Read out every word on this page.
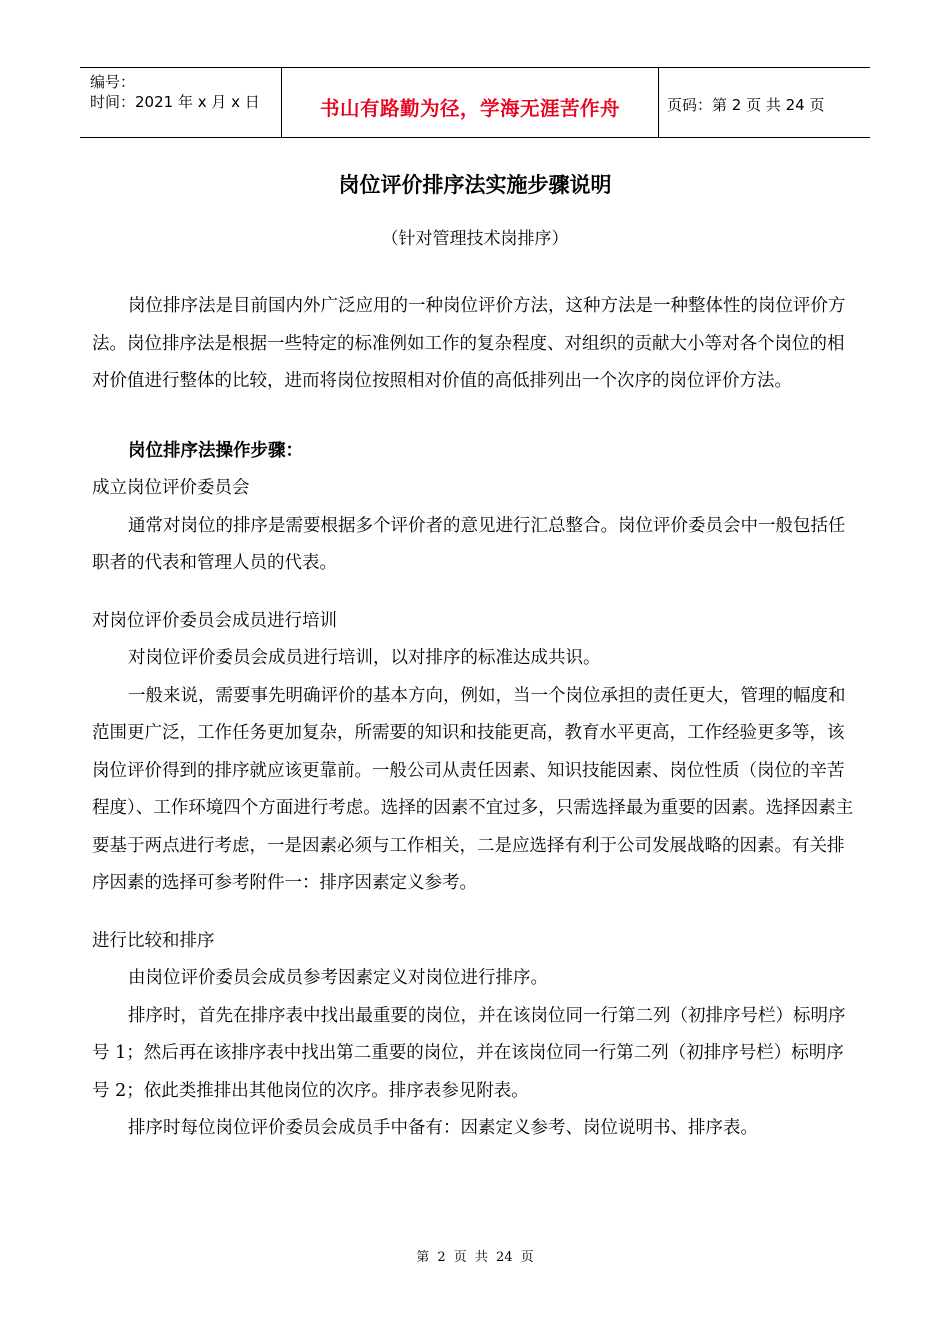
编号：
时间：2021 年 x 月 x 日	书山有路勤为径，学海无涯苦作舟	页码：第 2 页 共 24 页
岗位评价排序法实施步骤说明
（针对管理技术岗排序）

岗位排序法是目前国内外广泛应用的一种岗位评价方法，这种方法是一种整体性的岗位评价方法。岗位排序法是根据一些特定的标准例如工作的复杂程度、对组织的贡献大小等对各个岗位的相对价值进行整体的比较，进而将岗位按照相对价值的高低排列出一个次序的岗位评价方法。

岗位排序法操作步骤：

成立岗位评价委员会

通常对岗位的排序是需要根据多个评价者的意见进行汇总整合。岗位评价委员会中一般包括任职者的代表和管理人员的代表。

对岗位评价委员会成员进行培训

对岗位评价委员会成员进行培训，以对排序的标准达成共识。

一般来说，需要事先明确评价的基本方向，例如，当一个岗位承担的责任更大，管理的幅度和范围更广泛，工作任务更加复杂，所需要的知识和技能更高，教育水平更高，工作经验更多等，该岗位评价得到的排序就应该更靠前。一般公司从责任因素、知识技能因素、岗位性质（岗位的辛苦程度）、工作环境四个方面进行考虑。选择的因素不宜过多，只需选择最为重要的因素。选择因素主要基于两点进行考虑，一是因素必须与工作相关，二是应选择有利于公司发展战略的因素。有关排序因素的选择可参考附件一：排序因素定义参考。

进行比较和排序

由岗位评价委员会成员参考因素定义对岗位进行排序。

排序时，首先在排序表中找出最重要的岗位，并在该岗位同一行第二列（初排序号栏）标明序号 1；然后再在该排序表中找出第二重要的岗位，并在该岗位同一行第二列（初排序号栏）标明序号 2；依此类推排出其他岗位的次序。排序表参见附表。

排序时每位岗位评价委员会成员手中备有：因素定义参考、岗位说明书、排序表。

第 2 页 共 24 页
